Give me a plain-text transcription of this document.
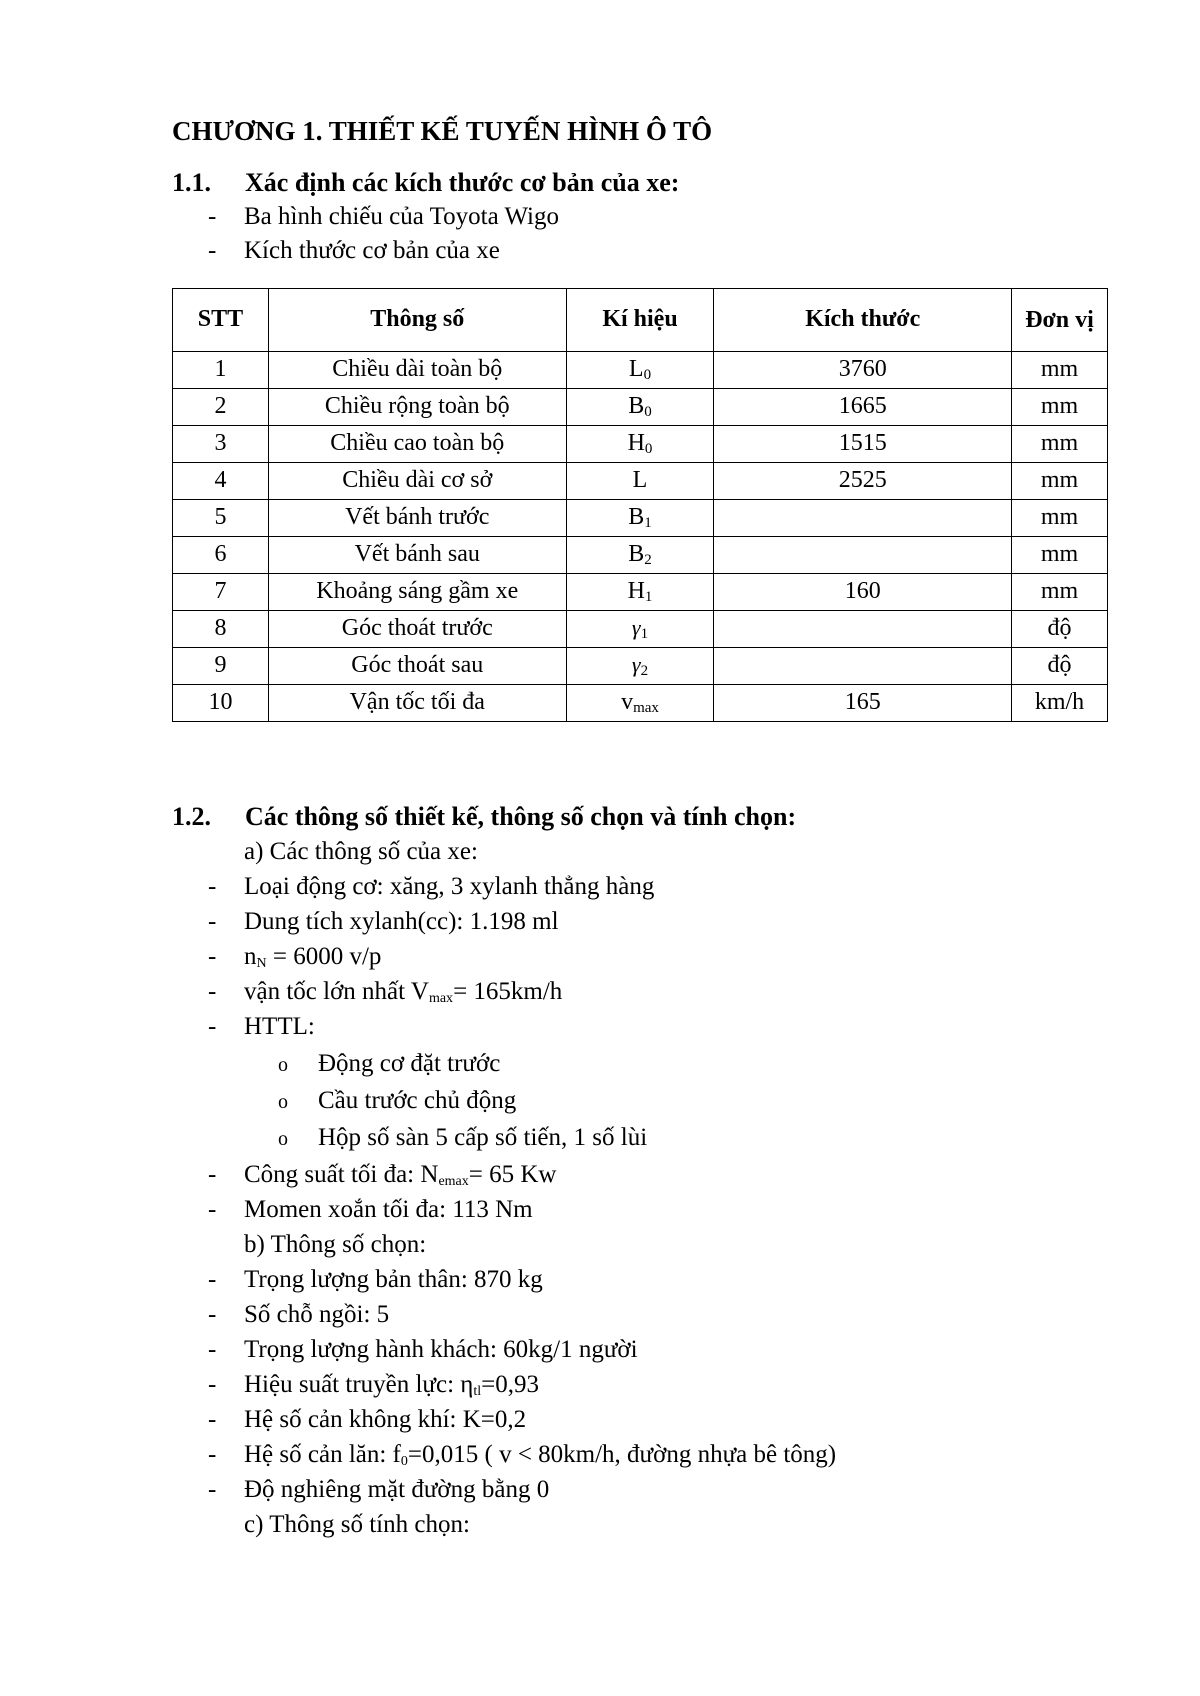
CHƯƠNG 1. THIẾT KẾ TUYẾN HÌNH Ô TÔ
1.1. Xác định các kích thước cơ bản của xe:
- Ba hình chiếu của Toyota Wigo
- Kích thước cơ bản của xe
STT	Thông số	Kí hiệu	Kích thước	Đơn vị
1	Chiều dài toàn bộ	$L_0$	3760	mm
2	Chiều rộng toàn bộ	$B_0$	1665	mm
3	Chiều cao toàn bộ	$H_0$	1515	mm
4	Chiều dài cơ sở	L	2525	mm
5	Vết bánh trước	$B_1$		mm
6	Vết bánh sau	$B_2$		mm
7	Khoảng sáng gầm xe	$H_1$	160	mm
8	Góc thoát trước	$\gamma_1$		độ
9	Góc thoát sau	$\gamma_2$		độ
10	Vận tốc tối đa	$v_{max}$	165	km/h
1.2. Các thông số thiết kế, thông số chọn và tính chọn:
a) Các thông số của xe:
- Loại động cơ: xăng, 3 xylanh thẳng hàng
- Dung tích xylanh(cc): 1.198 ml
- $n_N = 6000$ v/p
- vận tốc lớn nhất $V_{max}= 165km/h$
- HTTL:
o Động cơ đặt trước
o Cầu trước chủ động
o Hộp số sàn 5 cấp số tiến, 1 số lùi
- Công suất tối đa: $N_{emax}= 65$ Kw
- Momen xoắn tối đa: 113 Nm
b) Thông số chọn:
- Trọng lượng bản thân: 870 kg
- Số chỗ ngồi: 5
- Trọng lượng hành khách: 60kg/1 người
- Hiệu suất truyền lực: $\eta_{tl}=0,93$
- Hệ số cản không khí: K=0,2
- Hệ số cản lăn: $f_0=0,015$ ( v < 80km/h, đường nhựa bê tông)
- Độ nghiêng mặt đường bằng 0
c) Thông số tính chọn:
